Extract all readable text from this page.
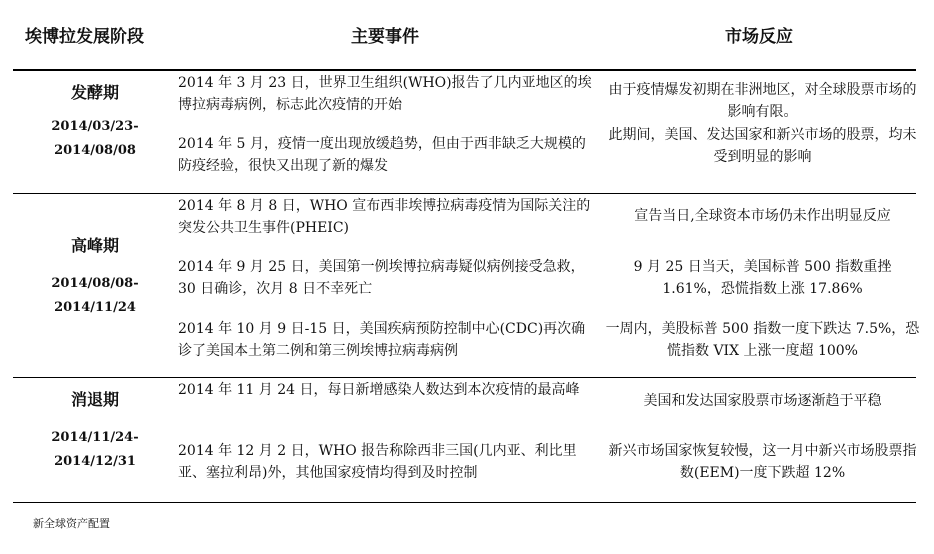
埃博拉发展阶段	主要事件	市场反应
发酵期
2014/03/23-
2014/08/08
2014 年 3 月 23 日，世界卫生组织(WHO)报告了几内亚地区的埃博拉病毒病例，标志此次疫情的开始
由于疫情爆发初期在非洲地区，对全球股票市场的影响有限。
2014 年 5 月，疫情一度出现放缓趋势，但由于西非缺乏大规模的防疫经验，很快又出现了新的爆发
此期间，美国、发达国家和新兴市场的股票，均未受到明显的影响
高峰期
2014/08/08-
2014/11/24
2014 年 8 月 8 日，WHO 宣布西非埃博拉病毒疫情为国际关注的突发公共卫生事件(PHEIC)
宣告当日,全球资本市场仍未作出明显反应
2014 年 9 月 25 日，美国第一例埃博拉病毒疑似病例接受急救，30 日确诊，次月 8 日不幸死亡
9 月 25 日当天，美国标普 500 指数重挫 1.61%，恐慌指数上涨 17.86%
2014 年 10 月 9 日-15 日，美国疾病预防控制中心(CDC)再次确诊了美国本土第二例和第三例埃博拉病毒病例
一周内，美股标普 500 指数一度下跌达 7.5%，恐慌指数 VIX 上涨一度超 100%
消退期
2014/11/24-
2014/12/31
2014 年 11 月 24 日，每日新增感染人数达到本次疫情的最高峰
美国和发达国家股票市场逐渐趋于平稳
2014 年 12 月 2 日，WHO 报告称除西非三国(几内亚、利比里亚、塞拉利昂)外，其他国家疫情均得到及时控制
新兴市场国家恢复较慢，这一月中新兴市场股票指数(EEM)一度下跌超 12%
新全球资产配置
